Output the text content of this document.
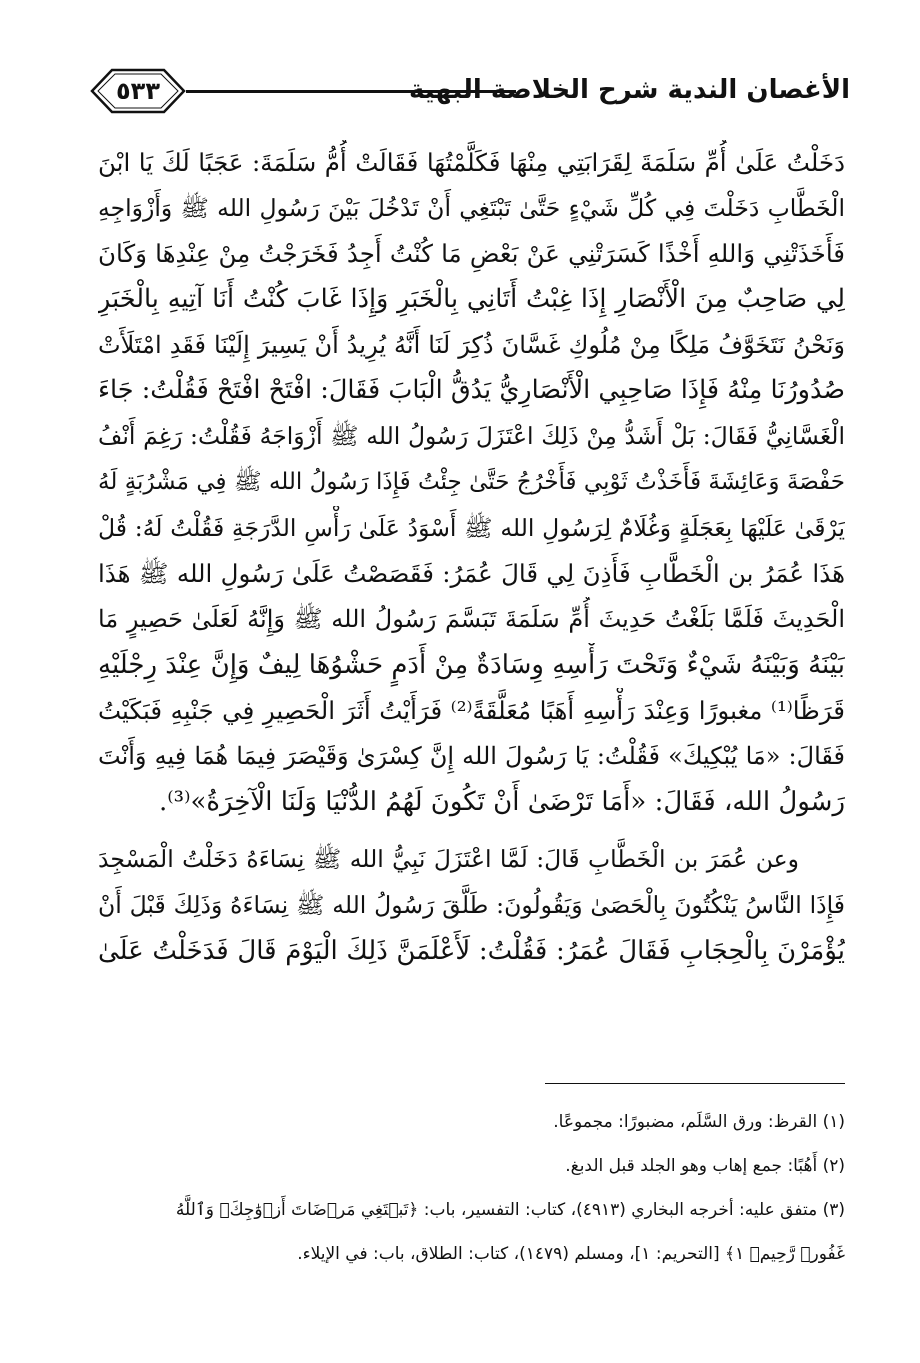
٥٣٣	الأغصان الندية شرح الخلاصة البهية
دَخَلْتُ عَلَىٰ أُمِّ سَلَمَةَ لِقَرَابَتِي مِنْهَا فَكَلَّمْتُهَا فَقَالَتْ أُمُّ سَلَمَةَ: عَجَبًا لَكَ يَا ابْنَ
الْخَطَّابِ دَخَلْتَ فِي كُلِّ شَيْءٍ حَتَّىٰ تَبْتَغِي أَنْ تَدْخُلَ بَيْنَ رَسُولِ الله ﷺ وَأَزْوَاجِهِ
فَأَخَذَتْنِي وَاللهِ أَخْذًا كَسَرَتْنِي عَنْ بَعْضِ مَا كُنْتُ أَجِدُ فَخَرَجْتُ مِنْ عِنْدِهَا وَكَانَ
لِي صَاحِبٌ مِنَ الْأَنْصَارِ إِذَا غِبْتُ أَتَانِي بِالْخَبَرِ وَإِذَا غَابَ كُنْتُ أَنَا آتِيهِ بِالْخَبَرِ
وَنَحْنُ نَتَخَوَّفُ مَلِكًا مِنْ مُلُوكِ غَسَّانَ ذُكِرَ لَنَا أَنَّهُ يُرِيدُ أَنْ يَسِيرَ إِلَيْنَا فَقَدِ امْتَلَأَتْ
صُدُورُنَا مِنْهُ فَإِذَا صَاحِبِي الْأَنْصَارِيُّ يَدُقُّ الْبَابَ فَقَالَ: افْتَحْ افْتَحْ فَقُلْتُ: جَاءَ
الْغَسَّانِيُّ فَقَالَ: بَلْ أَشَدُّ مِنْ ذَلِكَ اعْتَزَلَ رَسُولُ الله ﷺ أَزْوَاجَهُ فَقُلْتُ: رَغِمَ أَنْفُ
حَفْصَةَ وَعَائِشَةَ فَأَخَذْتُ ثَوْبِي فَأَخْرُجُ حَتَّىٰ جِئْتُ فَإِذَا رَسُولُ الله ﷺ فِي مَشْرُبَةٍ لَهُ
يَرْقَىٰ عَلَيْهَا بِعَجَلَةٍ وَغُلَامٌ لِرَسُولِ الله ﷺ أَسْوَدُ عَلَىٰ رَأْسِ الدَّرَجَةِ فَقُلْتُ لَهُ: قُلْ
هَذَا عُمَرُ بن الْخَطَّابِ فَأَذِنَ لِي قَالَ عُمَرُ: فَقَصَصْتُ عَلَىٰ رَسُولِ الله ﷺ هَذَا
الْحَدِيثَ فَلَمَّا بَلَغْتُ حَدِيثَ أُمِّ سَلَمَةَ تَبَسَّمَ رَسُولُ الله ﷺ وَإِنَّهُ لَعَلَىٰ حَصِيرٍ مَا
بَيْنَهُ وَبَيْنَهُ شَيْءٌ وَتَحْتَ رَأْسِهِ وِسَادَةٌ مِنْ أَدَمٍ حَشْوُهَا لِيفٌ وَإِنَّ عِنْدَ رِجْلَيْهِ
قَرَظًا⁽¹⁾ مغبورًا وَعِنْدَ رَأْسِهِ أَهَبًا مُعَلَّقَةً⁽²⁾ فَرَأَيْتُ أَثَرَ الْحَصِيرِ فِي جَنْبِهِ فَبَكَيْتُ
فَقَالَ: «مَا يُبْكِيكَ» فَقُلْتُ: يَا رَسُولَ الله إِنَّ كِسْرَىٰ وَقَيْصَرَ فِيمَا هُمَا فِيهِ وَأَنْتَ
رَسُولُ الله، فَقَالَ: «أَمَا تَرْضَىٰ أَنْ تَكُونَ لَهُمُ الدُّنْيَا وَلَنَا الْآخِرَةُ»⁽³⁾.
وعن عُمَرَ بن الْخَطَّابِ قَالَ: لَمَّا اعْتَزَلَ نَبِيُّ الله ﷺ نِسَاءَهُ دَخَلْتُ الْمَسْجِدَ
فَإِذَا النَّاسُ يَنْكُتُونَ بِالْحَصَىٰ وَيَقُولُونَ: طَلَّقَ رَسُولُ الله ﷺ نِسَاءَهُ وَذَلِكَ قَبْلَ أَنْ
يُؤْمَرْنَ بِالْحِجَابِ فَقَالَ عُمَرُ: فَقُلْتُ: لَأَعْلَمَنَّ ذَلِكَ الْيَوْمَ قَالَ فَدَخَلْتُ عَلَىٰ
(١) القرظ: ورق السَّلَم، مضبورًا: مجموعًا.
(٢) أَهُبًا: جمع إهاب وهو الجلد قبل الدبغ.
(٣) متفق عليه: أخرجه البخاري (٤٩١٣)، كتاب: التفسير، باب: ﴿تَبۡتَغِي مَرۡضَاتَ أَزۡوَٰجِكَۚ وَٱللَّهُ
غَفُورٞ رَّحِيمٞ ١﴾ [التحريم: ١]، ومسلم (١٤٧٩)، كتاب: الطلاق، باب: في الإيلاء.
